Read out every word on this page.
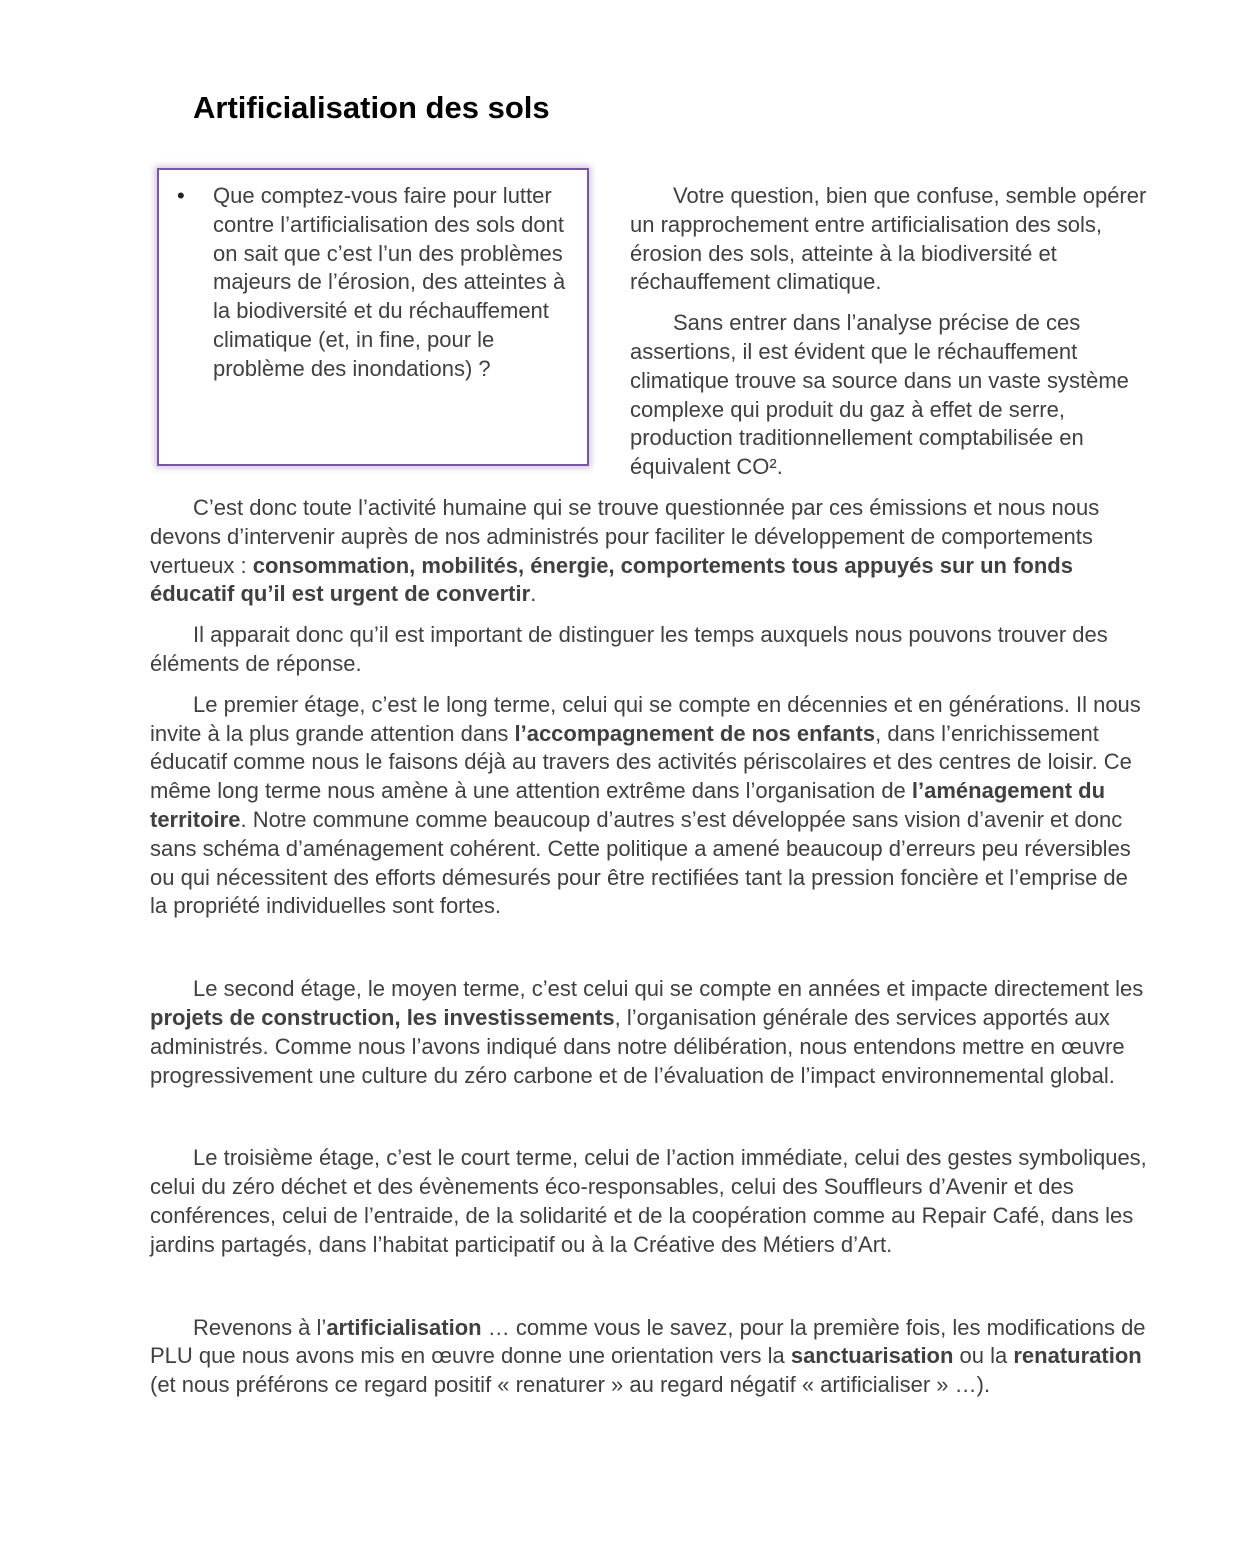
Artificialisation des sols
• Que comptez-vous faire pour lutter contre l’artificialisation des sols dont on sait que c’est l’un des problèmes majeurs de l’érosion, des atteintes à la biodiversité et du réchauffement climatique (et, in fine, pour le problème des inondations) ?

Votre question, bien que confuse, semble opérer un rapprochement entre artificialisation des sols, érosion des sols, atteinte à la biodiversité et réchauffement climatique.

Sans entrer dans l’analyse précise de ces assertions, il est évident que le réchauffement climatique trouve sa source dans un vaste système complexe qui produit du gaz à effet de serre, production traditionnellement comptabilisée en équivalent CO².

C’est donc toute l’activité humaine qui se trouve questionnée par ces émissions et nous nous devons d’intervenir auprès de nos administrés pour faciliter le développement de comportements vertueux : consommation, mobilités, énergie, comportements tous appuyés sur un fonds éducatif qu’il est urgent de convertir.

Il apparait donc qu’il est important de distinguer les temps auxquels nous pouvons trouver des éléments de réponse.

Le premier étage, c’est le long terme, celui qui se compte en décennies et en générations. Il nous invite à la plus grande attention dans l’accompagnement de nos enfants, dans l’enrichissement éducatif comme nous le faisons déjà au travers des activités périscolaires et des centres de loisir. Ce même long terme nous amène à une attention extrême dans l’organisation de l’aménagement du territoire. Notre commune comme beaucoup d’autres s’est développée sans vision d’avenir et donc sans schéma d’aménagement cohérent. Cette politique a amené beaucoup d’erreurs peu réversibles ou qui nécessitent des efforts démesurés pour être rectifiées tant la pression foncière et l’emprise de la propriété individuelles sont fortes.

Le second étage, le moyen terme, c’est celui qui se compte en années et impacte directement les projets de construction, les investissements, l’organisation générale des services apportés aux administrés. Comme nous l’avons indiqué dans notre délibération, nous entendons mettre en œuvre progressivement une culture du zéro carbone et de l’évaluation de l’impact environnemental global.

Le troisième étage, c’est le court terme, celui de l’action immédiate, celui des gestes symboliques, celui du zéro déchet et des évènements éco-responsables, celui des Souffleurs d’Avenir et des conférences, celui de l’entraide, de la solidarité et de la coopération comme au Repair Café, dans les jardins partagés, dans l’habitat participatif ou à la Créative des Métiers d’Art.

Revenons à l’artificialisation … comme vous le savez, pour la première fois, les modifications de PLU que nous avons mis en œuvre donne une orientation vers la sanctuarisation ou la renaturation (et nous préférons ce regard positif « renaturer » au regard négatif « artificialiser » …).
